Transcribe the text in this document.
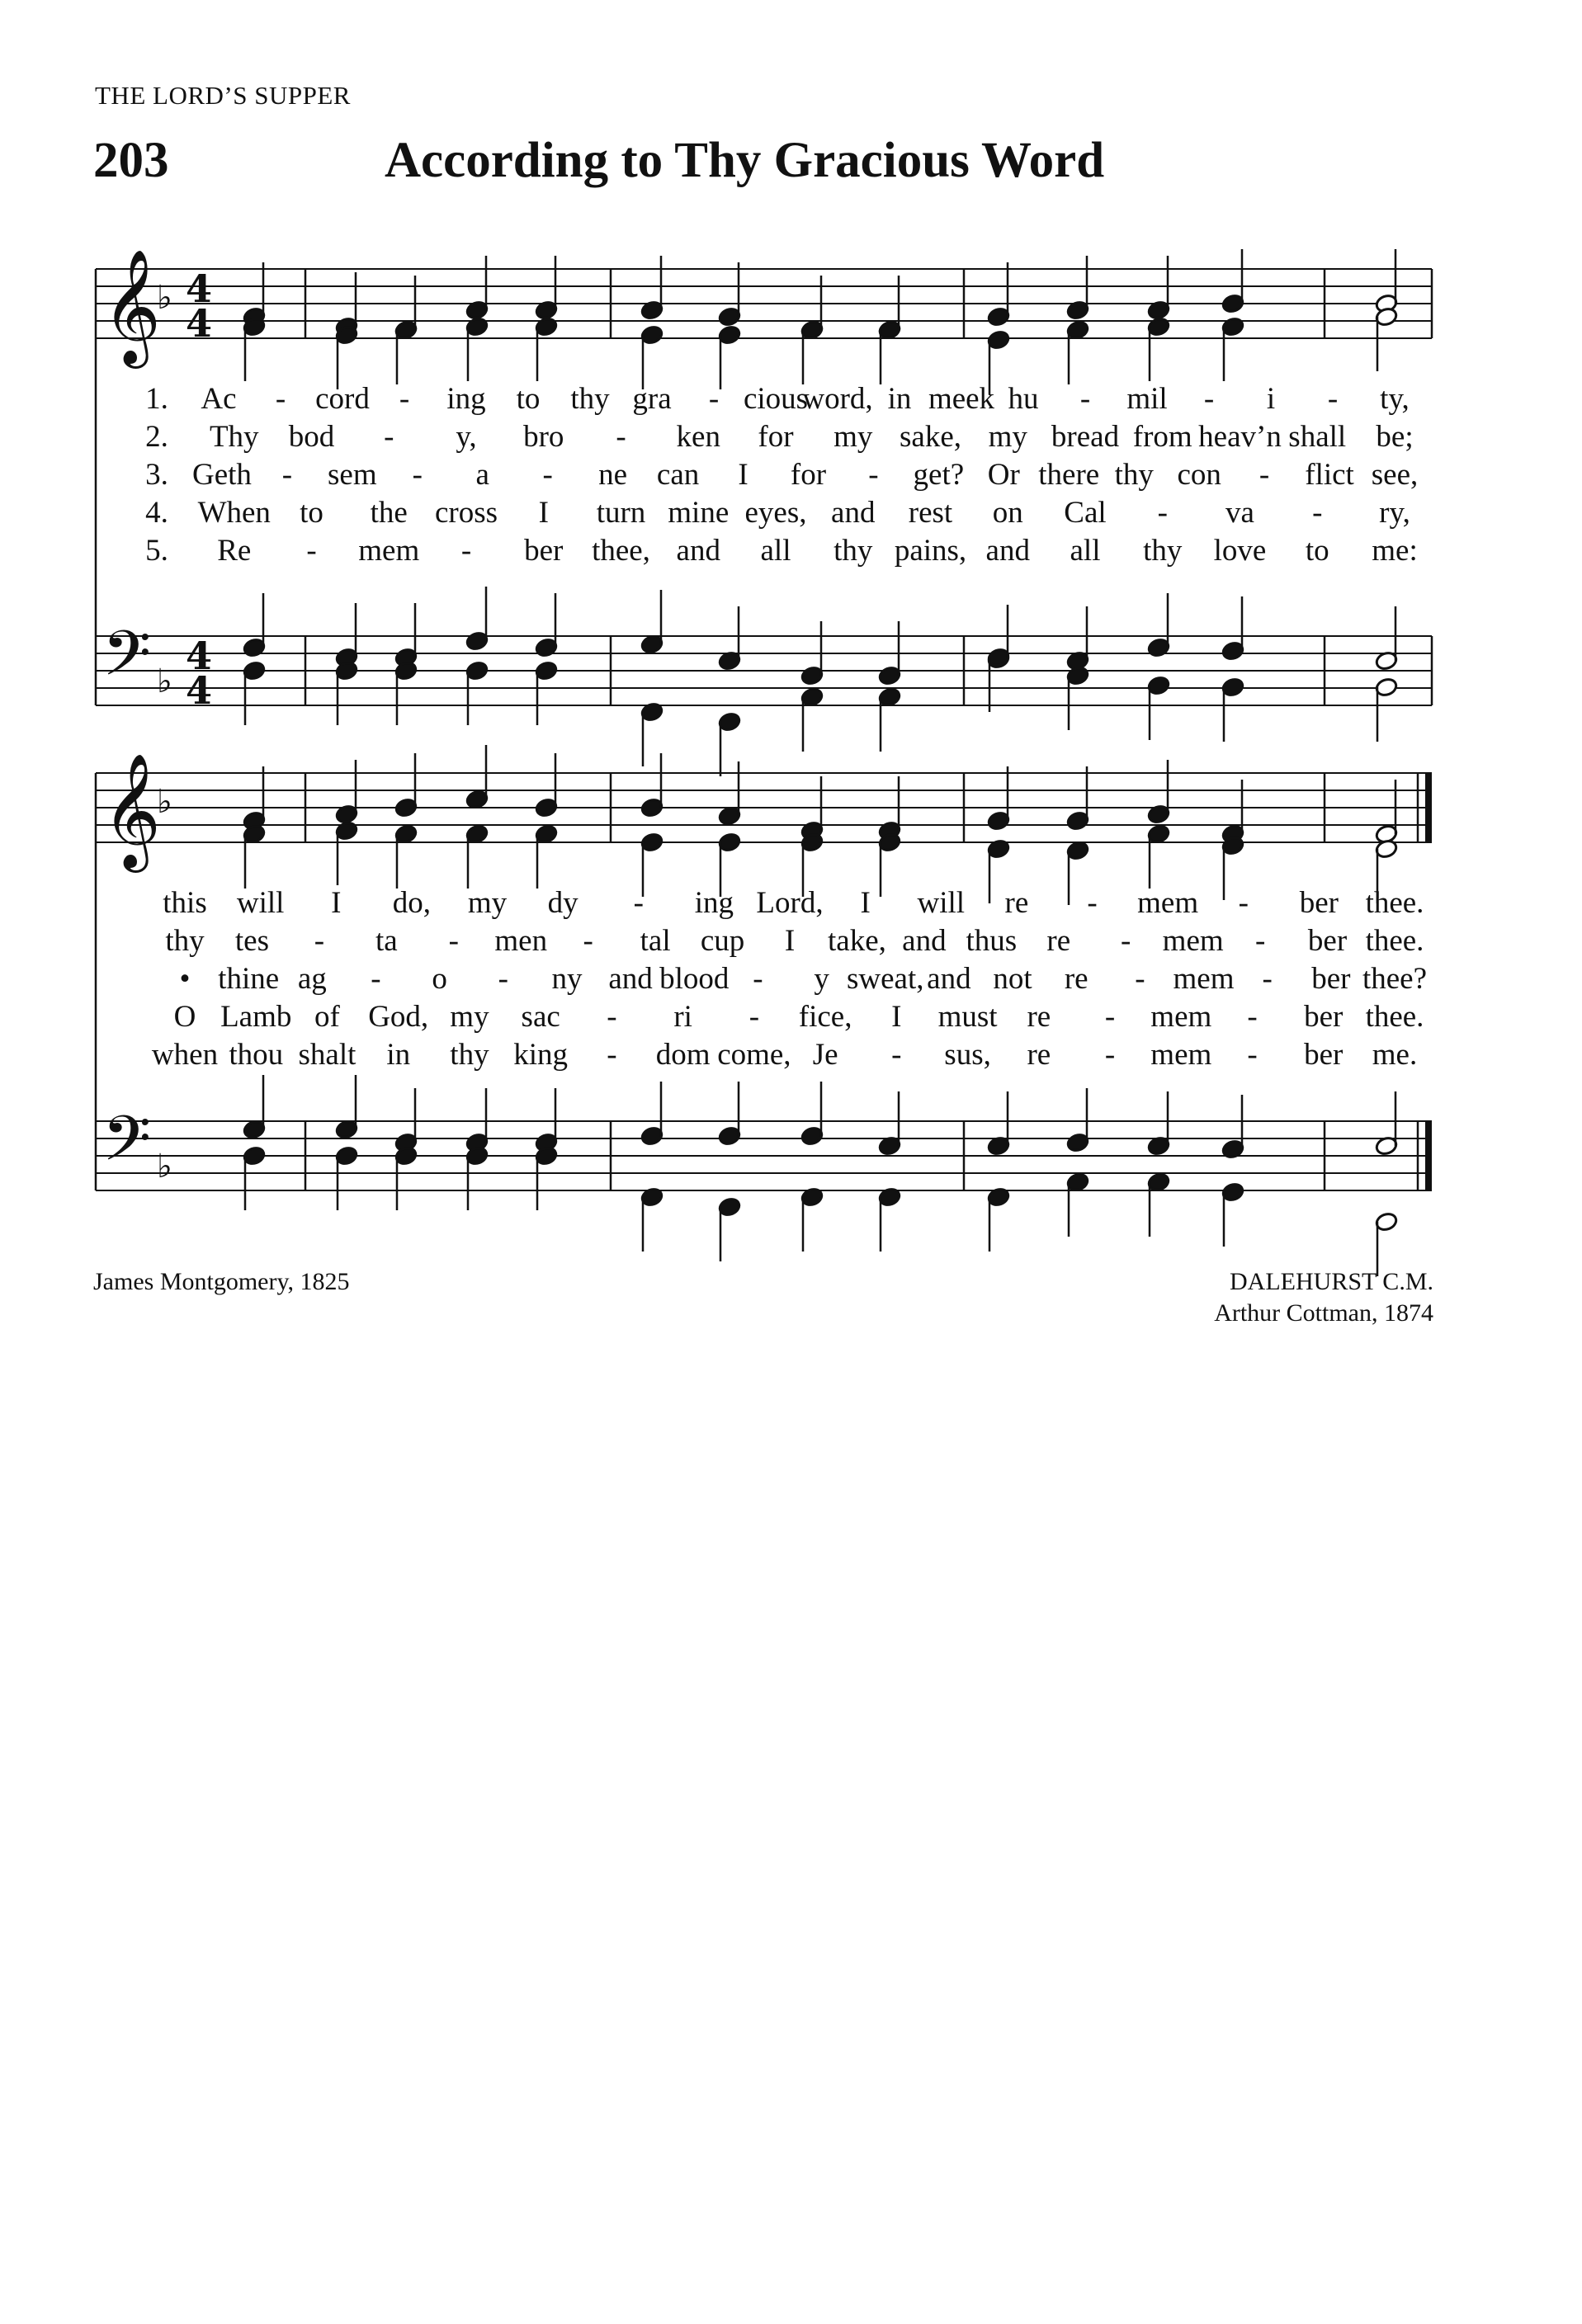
THE LORD’S SUPPER
203	According to Thy Gracious Word
𝄞
♭
𝄞
♭
𝄢 ♭
𝄢 ♭
4
4
4
4
1. Ac - cord - ing to thy gra - cious
word, in meek hu - mil - i - ty,
2. Thy bod - y, bro - ken for my sake, my bread from heav’n shall be;
3. Geth - sem - a - ne can I for - get? Or there thy con - flict see,
4. When to the cross I turn mine eyes, and rest on Cal - va - ry,
5. Re - mem - ber thee, and all thy pains, and all thy love to me:
this will I do, my dy - ing Lord, I will re - mem - ber thee.
thy tes - ta - men - tal cup I take, and thus re - mem - ber thee.
• thine ag - o - ny and blood - y sweat, and not re - mem - ber thee?
O Lamb of God, my sac - ri - fice, I must re - mem - ber thee.
when thou shalt in thy king - dom come, Je - sus, re - mem - ber me.
James Montgomery, 1825	DALEHURST C.M.
Arthur Cottman, 1874
